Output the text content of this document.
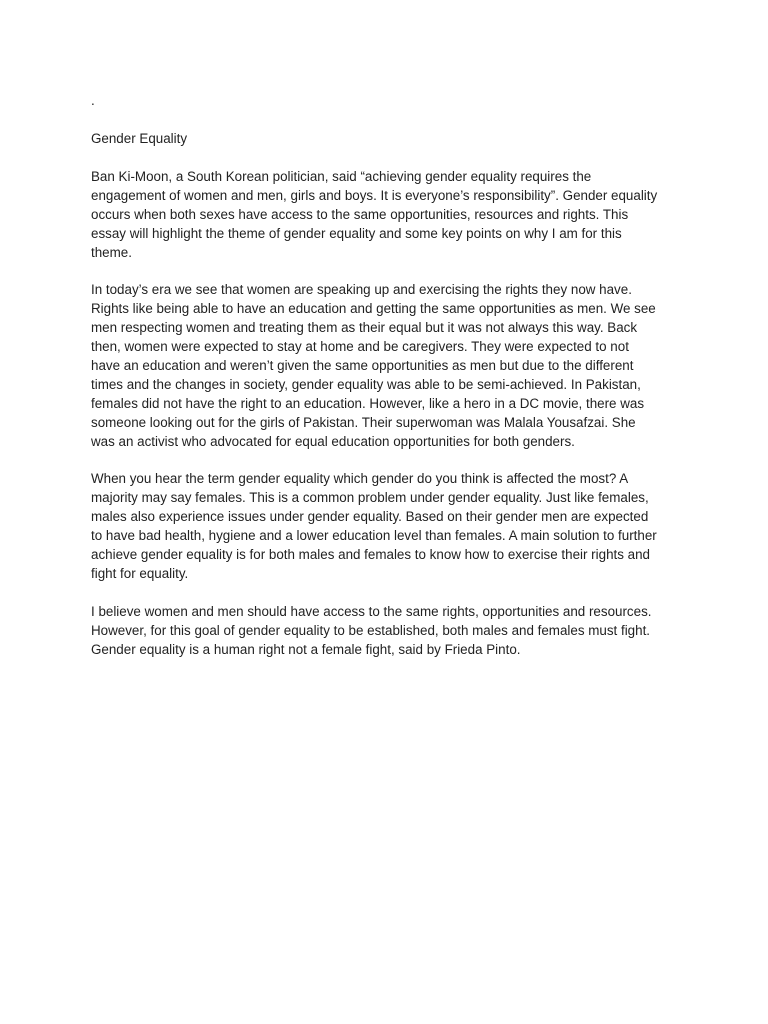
.
Gender Equality
Ban Ki-Moon, a South Korean politician, said “achieving gender equality requires the
engagement of women and men, girls and boys. It is everyone’s responsibility”. Gender equality
occurs when both sexes have access to the same opportunities, resources and rights. This
essay will highlight the theme of gender equality and some key points on why I am for this
theme.
In today’s era we see that women are speaking up and exercising the rights they now have.
Rights like being able to have an education and getting the same opportunities as men. We see
men respecting women and treating them as their equal but it was not always this way. Back
then, women were expected to stay at home and be caregivers. They were expected to not
have an education and weren’t given the same opportunities as men but due to the different
times and the changes in society, gender equality was able to be semi-achieved. In Pakistan,
females did not have the right to an education. However, like a hero in a DC movie, there was
someone looking out for the girls of Pakistan. Their superwoman was Malala Yousafzai. She
was an activist who advocated for equal education opportunities for both genders.
When you hear the term gender equality which gender do you think is affected the most? A
majority may say females. This is a common problem under gender equality. Just like females,
males also experience issues under gender equality. Based on their gender men are expected
to have bad health, hygiene and a lower education level than females. A main solution to further
achieve gender equality is for both males and females to know how to exercise their rights and
fight for equality.
I believe women and men should have access to the same rights, opportunities and resources.
However, for this goal of gender equality to be established, both males and females must fight.
Gender equality is a human right not a female fight, said by Frieda Pinto.
